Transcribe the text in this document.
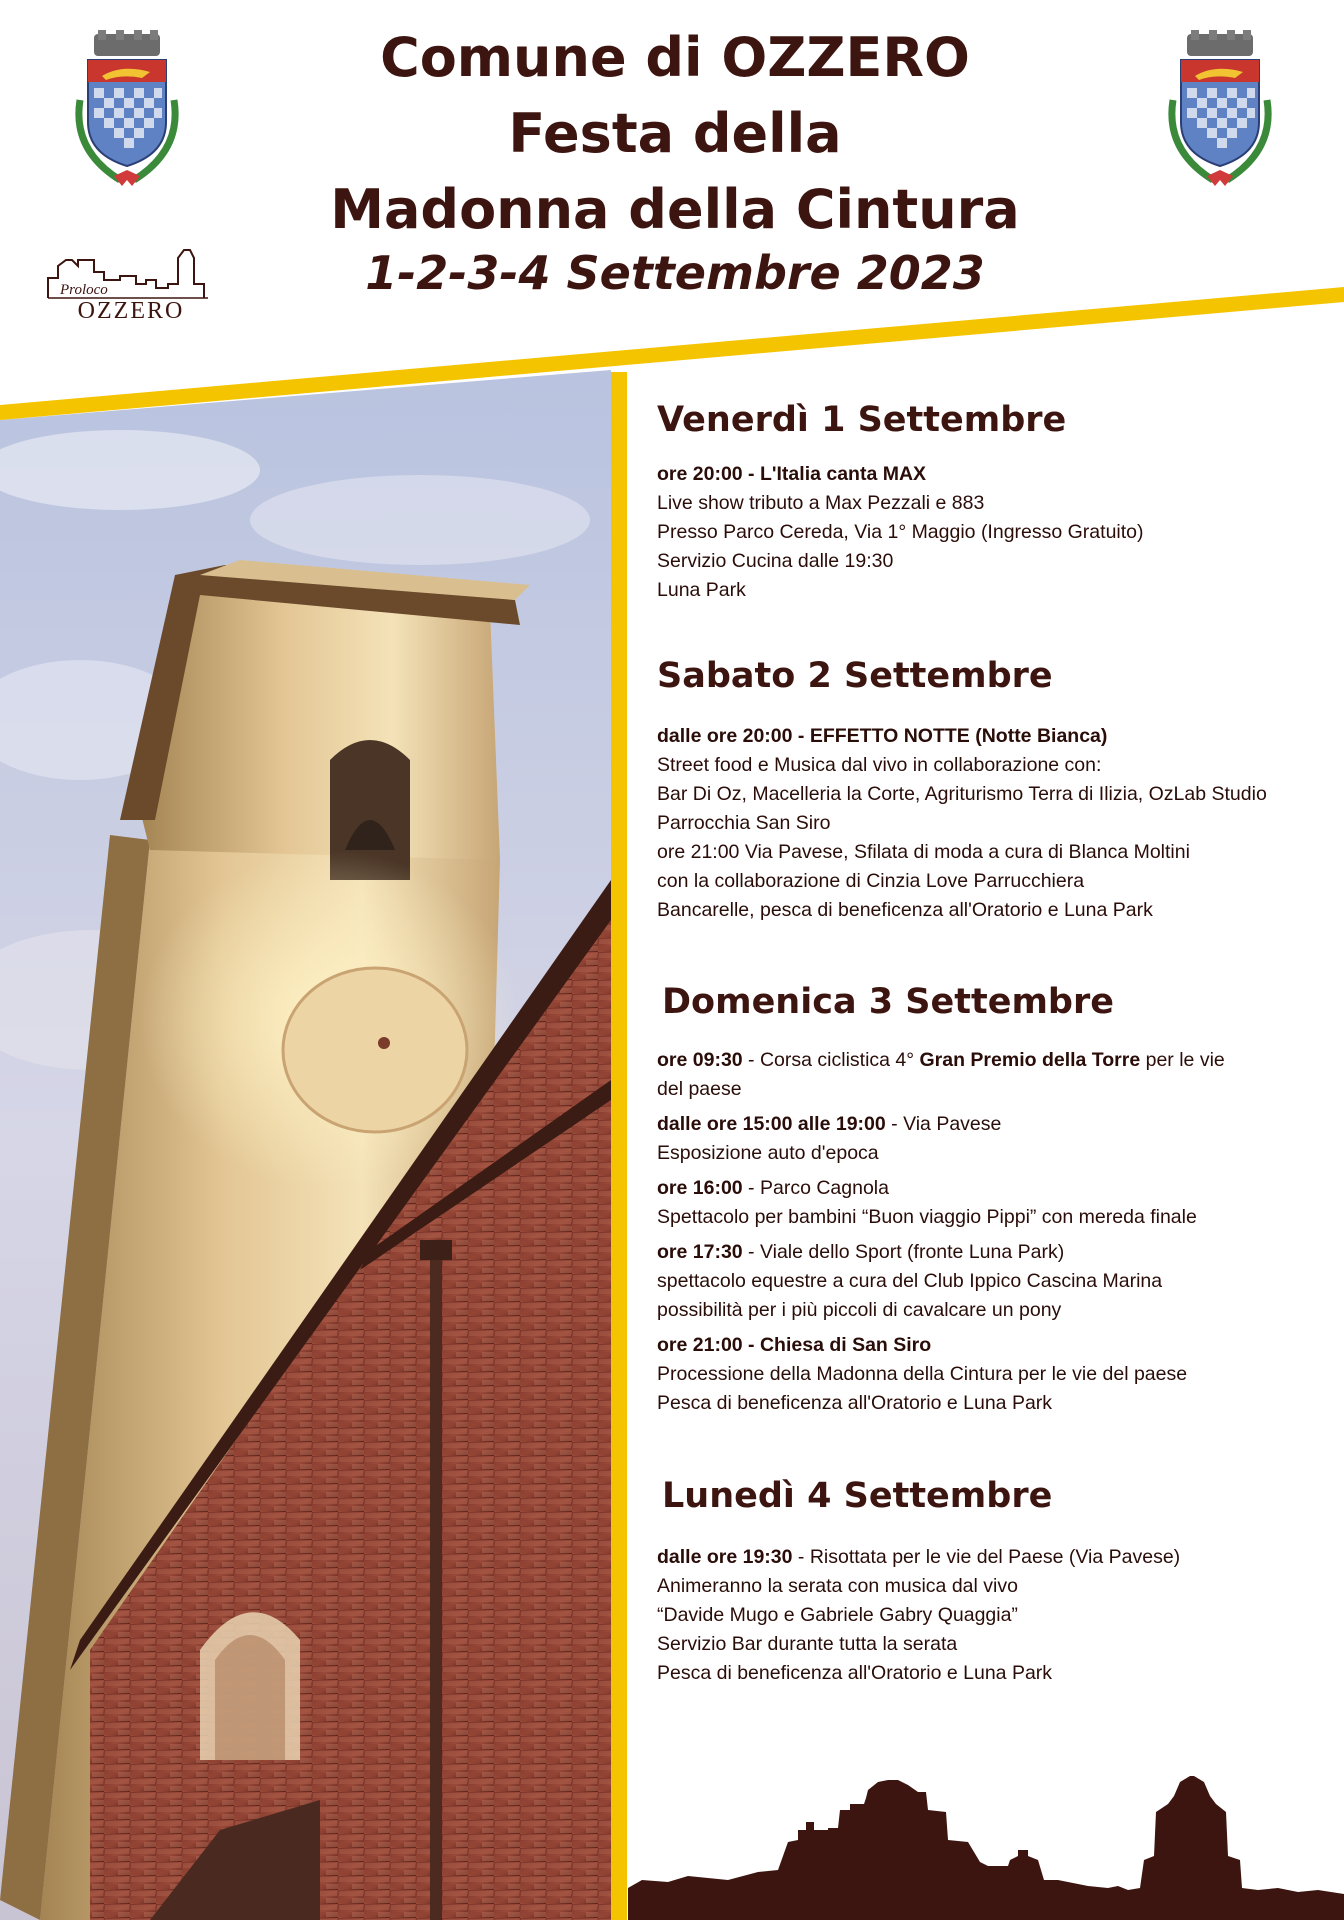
Proloco
OZZERO
Comune di OZZERO
Festa della
Madonna della Cintura
1-2-3-4 Settembre 2023
Venerdì 1 Settembre

ore 20:00 - L'Italia canta MAX

Live show tributo a Max Pezzali e 883

Presso Parco Cereda, Via 1° Maggio (Ingresso Gratuito)

Servizio Cucina dalle 19:30

Luna Park

Sabato 2 Settembre

dalle ore 20:00 - EFFETTO NOTTE (Notte Bianca)

Street food e Musica dal vivo in collaborazione con:

Bar Di Oz, Macelleria la Corte, Agriturismo Terra di Ilizia, OzLab Studio

Parrocchia San Siro

ore 21:00 Via Pavese, Sfilata di moda a cura di Blanca Moltini

con la collaborazione di Cinzia Love Parrucchiera

Bancarelle, pesca di beneficenza all'Oratorio e Luna Park

Domenica 3 Settembre

ore 09:30 - Corsa ciclistica 4° Gran Premio della Torre per le vie

del paese

dalle ore 15:00 alle 19:00 - Via Pavese

Esposizione auto d'epoca

ore 16:00 - Parco Cagnola

Spettacolo per bambini “Buon viaggio Pippi” con mereda finale

ore 17:30 - Viale dello Sport (fronte Luna Park)

spettacolo equestre a cura del Club Ippico Cascina Marina

possibilità per i più piccoli di cavalcare un pony

ore 21:00 - Chiesa di San Siro

Processione della Madonna della Cintura per le vie del paese

Pesca di beneficenza all'Oratorio e Luna Park

Lunedì 4 Settembre

dalle ore 19:30 - Risottata per le vie del Paese (Via Pavese)

Animeranno la serata con musica dal vivo

“Davide Mugo e Gabriele Gabry Quaggia”

Servizio Bar durante tutta la serata

Pesca di beneficenza all'Oratorio e Luna Park
